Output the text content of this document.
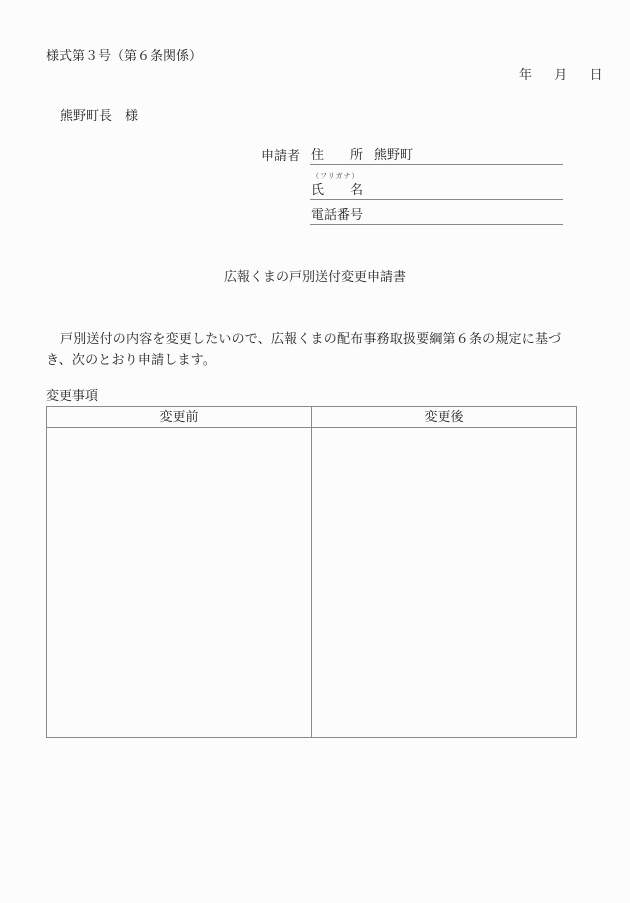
様式第３号（第６条関係）
年 月 日
熊野町長　様
申請者 住　　所 熊野町
（フリガナ）
氏　　名
電話番号
広報くまの戸別送付変更申請書
戸別送付の内容を変更したいので、広報くまの配布事務取扱要綱第６条の規定に基づき、次のとおり申請します。
変更事項
変更前	変更後
